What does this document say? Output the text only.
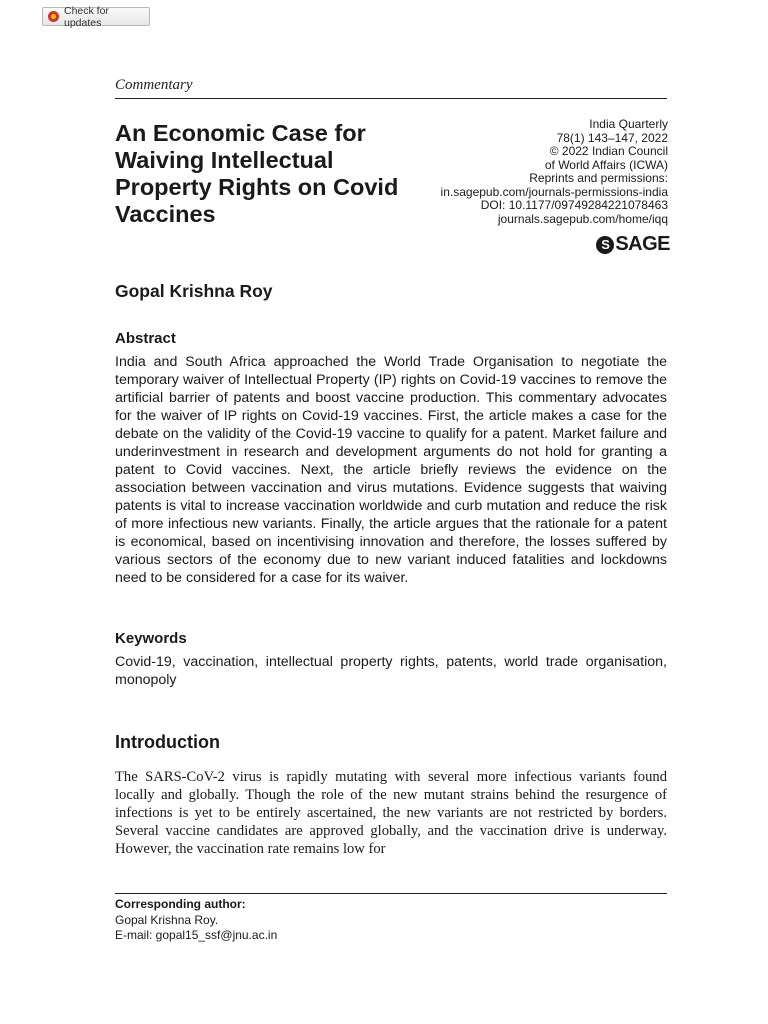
Check for updates
Commentary
An Economic Case for Waiving Intellectual Property Rights on Covid Vaccines
India Quarterly
78(1) 143–147, 2022
© 2022 Indian Council
of World Affairs (ICWA)
Reprints and permissions:
in.sagepub.com/journals-permissions-india
DOI: 10.1177/09749284221078463
journals.sagepub.com/home/iqq
S SAGE
Gopal Krishna Roy
Abstract

India and South Africa approached the World Trade Organisation to negotiate the temporary waiver of Intellectual Property (IP) rights on Covid-19 vaccines to remove the artificial barrier of patents and boost vaccine production. This commentary advocates for the waiver of IP rights on Covid-19 vaccines. First, the article makes a case for the debate on the validity of the Covid-19 vaccine to qualify for a patent. Market failure and underinvestment in research and development arguments do not hold for granting a patent to Covid vaccines. Next, the article briefly reviews the evidence on the association between vaccination and virus mutations. Evidence suggests that waiving patents is vital to increase vaccination worldwide and curb mutation and reduce the risk of more infectious new variants. Finally, the article argues that the rationale for a patent is economical, based on incentivising innovation and therefore, the losses suffered by various sectors of the economy due to new variant induced fatalities and lockdowns need to be considered for a case for its waiver.

Keywords

Covid-19, vaccination, intellectual property rights, patents, world trade organisation, monopoly

Introduction

The SARS-CoV-2 virus is rapidly mutating with several more infectious variants found locally and globally. Though the role of the new mutant strains behind the resurgence of infections is yet to be entirely ascertained, the new variants are not restricted by borders. Several vaccine candidates are approved globally, and the vaccination drive is underway. However, the vaccination rate remains low for

Corresponding author:
Gopal Krishna Roy.
E-mail: gopal15_ssf@jnu.ac.in
